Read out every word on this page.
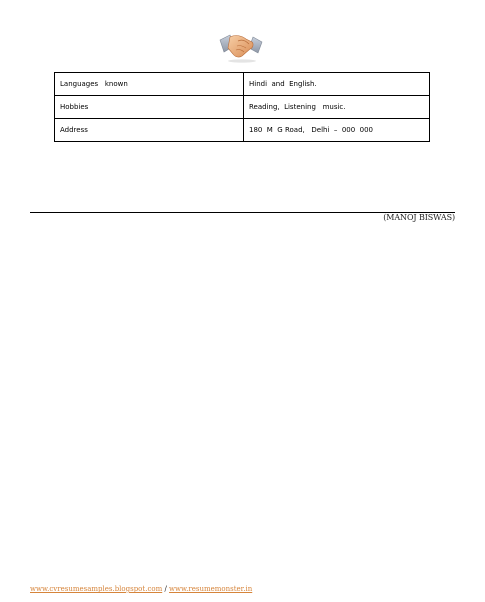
Languages   known	Hindi  and  English.
Hobbies	Reading,  Listening   music.
Address	180  M  G Road,   Delhi  –  000  000
(MANOJ BISWAS)
www.cvresumesamples.blogspot.com / www.resumemonster.in
